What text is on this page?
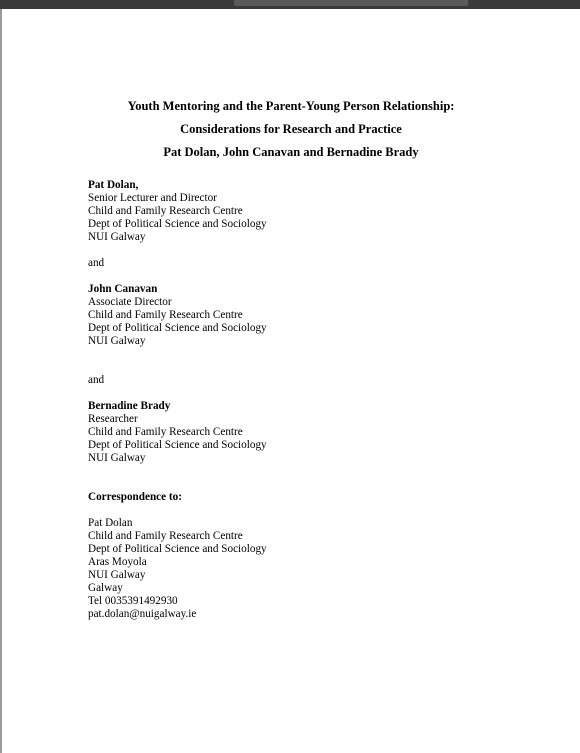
Youth Mentoring and the Parent-Young Person Relationship:
Considerations for Research and Practice
Pat Dolan, John Canavan and Bernadine Brady
Pat Dolan,
Senior Lecturer and Director
Child and Family Research Centre
Dept of Political Science and Sociology
NUI Galway
and
John Canavan
Associate Director
Child and Family Research Centre
Dept of Political Science and Sociology
NUI Galway
and
Bernadine Brady
Researcher
Child and Family Research Centre
Dept of Political Science and Sociology
NUI Galway
Correspondence to:
Pat Dolan
Child and Family Research Centre
Dept of Political Science and Sociology
Aras Moyola
NUI Galway
Galway
Tel 0035391492930
pat.dolan@nuigalway.ie
